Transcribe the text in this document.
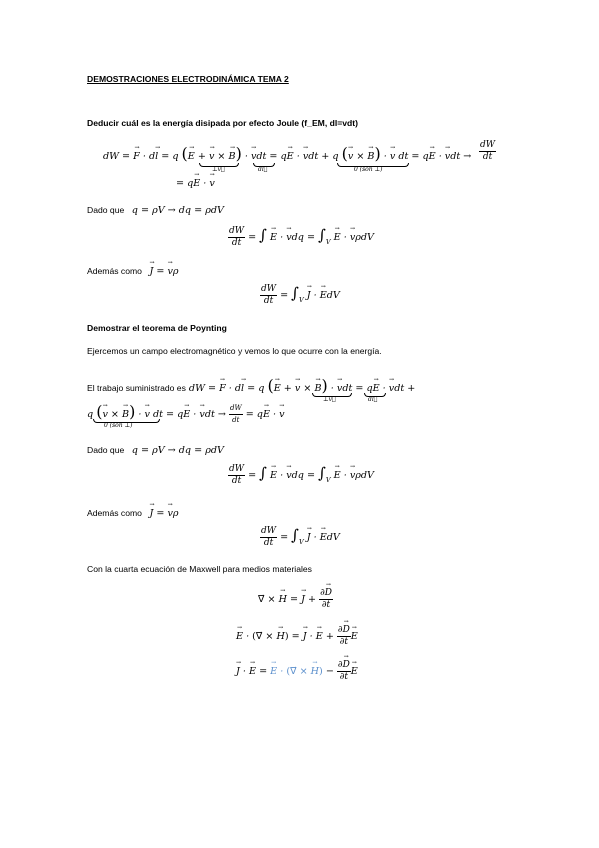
DEMOSTRACIONES ELECTRODINÁMICA TEMA 2
Deducir cuál es la energía disipada por efecto Joule (f_EM, dl=vdt)
dW = F
→
· dl
→
= q (E
→
+ v
→
× B
→ ) · v
→
dt = qE
→
· v
→
dt + q (v
→
× B
→ ) · v
→
dt = qE
→
· v
→
dt → $\frac{dW}{dt}$
⊥v⃗	dl⃗	0 (son ⊥)
= qE
→
· v
→
Dado que  q = ρV → dq = ρdV
$\frac{dW}{dt}$ = ∫ E
→
· v
→
dq = $\int_V$ E
→
· v
→
ρdV
Además como J
→
= v
→
ρ
$\frac{dW}{dt} = \int_V$ J
→
· E
→
dV
Demostrar el teorema de Poynting
Ejercemos un campo electromagnético y vemos lo que ocurre con la energía.
El trabajo suministrado es dW = F
→
· dl
→
= q (E
→
+ v
→
× B
→ ) · v
→
dt = qE
→
· v
→
dt +
⊥v⃗	dl⃗
q (v
→
× B
→ ) · v
→
dt = qE
→
· v
→
dt → $\frac{dW}{dt}$ = qE
→
· v
→
0 (son ⊥)
Dado que  q = ρV → dq = ρdV
$\frac{dW}{dt}$ = ∫ E
→
· v
→
dq = $\int_V$ E
→
· v
→
ρdV
Además como J
→
= v
→
ρ
$\frac{dW}{dt} = \int_V$ J
→
· E
→
dV
Con la cuarta ecuación de Maxwell para medios materiales
∇⃗ × H
→
= J
→
+ ∂D
→
∂t
E
→
· (∇⃗ × H
→
) = J
→
· E
→
+ ∂D
→
∂t E
→
J
→
· E
→
= E
→
· (∇⃗ × H
→
) − ∂D
→
∂t E
→
